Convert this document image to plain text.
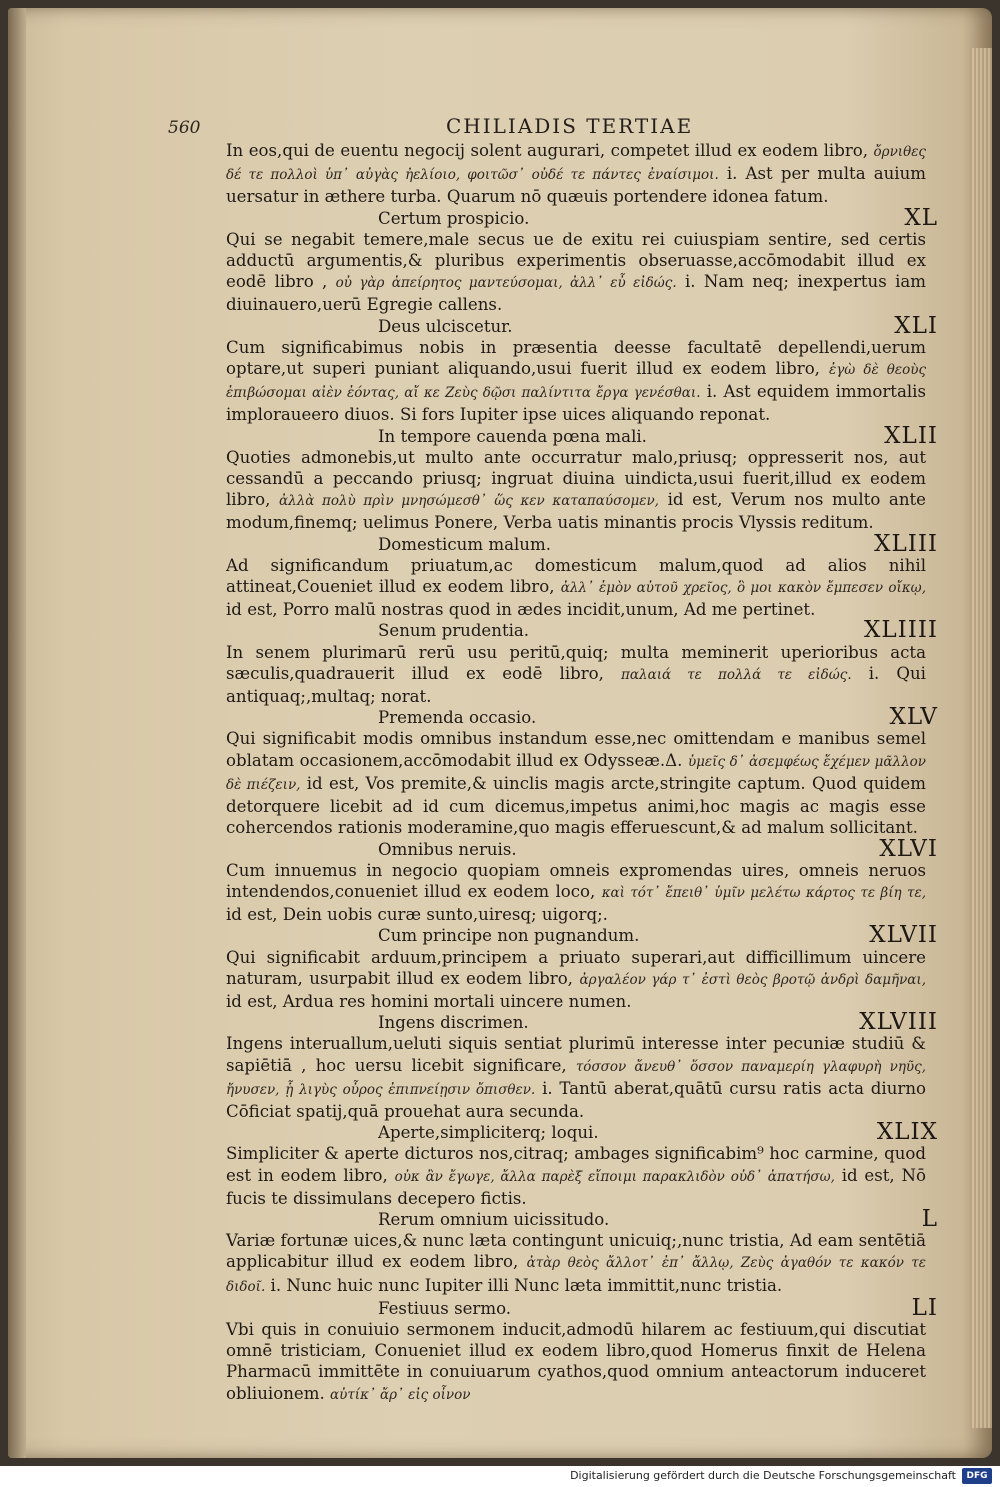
560	CHILIADIS TERTIAE
In eos,qui de euentu negocij solent augurari, competet illud ex eodem libro, ὄρνιθες δέ τε πολλοὶ ὑπ᾽ αὐγὰς ἠελίοιο, φοιτῶσ᾽ οὐδέ τε πάντες ἐναίσιμοι. i. Ast per multa auium uersatur in æthere turba. Quarum nō quæuis portendere idonea fatum.
XL
Certum prospicio.
Qui se negabit temere,male secus ue de exitu rei cuiuspiam sentire, sed certis adductū argumentis,& pluribus experimentis obseruasse,accōmodabit illud ex eodē libro , οὐ γὰρ ἀπείρητος μαντεύσομαι, ἀλλ᾽ εὖ εἰδώς. i. Nam neq; inexpertus iam diuinauero,uerū Egregie callens.
XLI
Deus ulciscetur.
Cum significabimus nobis in præsentia deesse facultatē depellendi,uerum optare,ut superi puniant aliquando,usui fuerit illud ex eodem libro, ἐγὼ δὲ θεοὺς ἐπιβώσομαι αἰὲν ἐόντας, αἴ κε Ζεὺς δῷσι παλίντιτα ἔργα γενέσθαι. i. Ast equidem immortalis imploraueero diuos. Si fors Iupiter ipse uices aliquando reponat.
XLII
In tempore cauenda pœna mali.
Quoties admonebis,ut multo ante occurratur malo,priusq; oppresserit nos, aut cessandū a peccando priusq; ingruat diuina uindicta,usui fuerit,illud ex eodem libro, ἀλλὰ πολὺ πρὶν μνησώμεσθ᾽ ὥς κεν καταπαύσομεν, id est, Verum nos multo ante modum,finemq; uelimus Ponere, Verba uatis minantis procis Vlyssis reditum.
XLIII
Domesticum malum.
Ad significandum priuatum,ac domesticum malum,quod ad alios nihil attineat,Coueniet illud ex eodem libro, ἀλλ᾽ ἐμὸν αὐτοῦ χρεῖος, ὃ μοι κακὸν ἔμπεσεν οἴκῳ, id est, Porro malū nostras quod in ædes incidit,unum, Ad me pertinet.
XLIIII
Senum prudentia.
In senem plurimarū rerū usu peritū,quiq; multa meminerit uperioribus acta sæculis,quadrauerit illud ex eodē libro, παλαιά τε πολλά τε εἰδώς. i. Qui antiquaq;,multaq; norat.
XLV
Premenda occasio.
Qui significabit modis omnibus instandum esse,nec omittendam e manibus semel oblatam occasionem,accōmodabit illud ex Odysseæ.Δ. ὑμεῖς δ᾽ ἀσεμφέως ἔχέμεν μᾶλλον δὲ πιέζειν, id est, Vos premite,& uinclis magis arcte,stringite captum. Quod quidem detorquere licebit ad id cum dicemus,impetus animi,hoc magis ac magis esse cohercendos rationis moderamine,quo magis efferuescunt,& ad malum sollicitant.
XLVI
Omnibus neruis.
Cum innuemus in negocio quopiam omneis expromendas uires, omneis neruos intendendos,conueniet illud ex eodem loco, καὶ τότ᾽ ἔπειθ᾽ ὑμῖν μελέτω κάρτος τε βίη τε, id est, Dein uobis curæ sunto,uiresq; uigorq;.
XLVII
Cum principe non pugnandum.
Qui significabit arduum,principem a priuato superari,aut difficillimum uincere naturam, usurpabit illud ex eodem libro, ἀργαλέον γάρ τ᾽ ἐστὶ θεὸς βροτῷ ἀνδρὶ δαμῆναι, id est, Ardua res homini mortali uincere numen.
XLVIII
Ingens discrimen.
Ingens interuallum,ueluti siquis sentiat plurimū interesse inter pecuniæ studiū & sapiētiā , hoc uersu licebit significare, τόσσον ἄνευθ᾽ ὅσσον παναμερίη γλαφυρὴ νηῦς, ἤνυσεν, ᾗ λιγὺς οὖρος ἐπιπνείῃσιν ὄπισθεν. i. Tantū aberat,quātū cursu ratis acta diurno Cōficiat spatij,quā prouehat aura secunda.
XLIX
Aperte,simpliciterq; loqui.
Simpliciter & aperte dicturos nos,citraq; ambages significabim⁹ hoc carmine, quod est in eodem libro, οὐκ ἂν ἔγωγε, ἄλλα παρὲξ εἴποιμι παρακλιδὸν οὐδ᾽ ἀπατήσω, id est, Nō fucis te dissimulans decepero fictis.
L
Rerum omnium uicissitudo.
Variæ fortunæ uices,& nunc læta contingunt unicuiq;,nunc tristia, Ad eam sentētiā applicabitur illud ex eodem libro, ἀτὰρ θεὸς ἄλλοτ᾽ ἐπ᾽ ἄλλῳ, Ζεὺς ἀγαθόν τε κακόν τε διδοῖ. i. Nunc huic nunc Iupiter illi Nunc læta immittit,nunc tristia.
LI
Festiuus sermo.
Vbi quis in conuiuio sermonem inducit,admodū hilarem ac festiuum,qui discutiat omnē tristiciam, Conueniet illud ex eodem libro,quod Homerus finxit de Helena Pharmacū immittēte in conuiuarum cyathos,quod omnium anteactorum induceret obliuionem. αὐτίκ᾽ ἄρ᾽ εἰς οἶνον
Digitalisierung gefördert durch die Deutsche Forschungsgemeinschaft	DFG
